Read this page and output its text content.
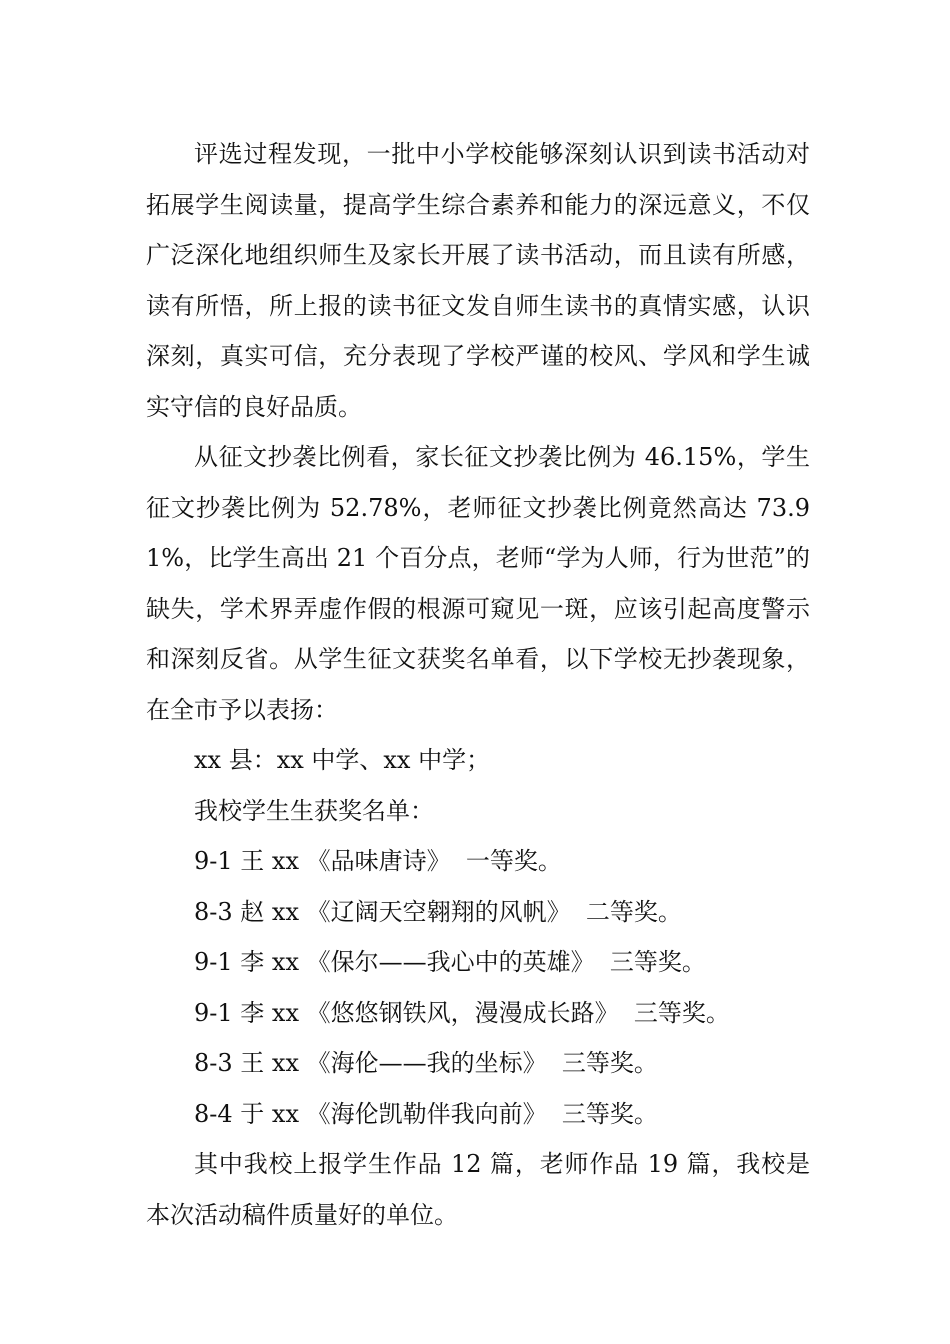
评选过程发现，一批中小学校能够深刻认识到读书活动对拓展学生阅读量，提高学生综合素养和能力的深远意义，不仅广泛深化地组织师生及家长开展了读书活动，而且读有所感，读有所悟，所上报的读书征文发自师生读书的真情实感，认识深刻，真实可信，充分表现了学校严谨的校风、学风和学生诚实守信的良好品质。

从征文抄袭比例看，家长征文抄袭比例为 46.15%，学生征文抄袭比例为 52.78%，老师征文抄袭比例竟然高达 73.91%，比学生高出 21 个百分点，老师“学为人师，行为世范”的缺失，学术界弄虚作假的根源可窥见一斑，应该引起高度警示和深刻反省。从学生征文获奖名单看，以下学校无抄袭现象，在全市予以表扬：

xx 县：xx 中学、xx 中学；

我校学生生获奖名单：

9-1 王 xx 《品味唐诗》 一等奖。

8-3 赵 xx 《辽阔天空翱翔的风帆》 二等奖。

9-1 李 xx 《保尔——我心中的英雄》 三等奖。

9-1 李 xx 《悠悠钢铁风，漫漫成长路》 三等奖。

8-3 王 xx 《海伦——我的坐标》 三等奖。

8-4 于 xx 《海伦凯勒伴我向前》 三等奖。

其中我校上报学生作品 12 篇，老师作品 19 篇，我校是本次活动稿件质量好的单位。
